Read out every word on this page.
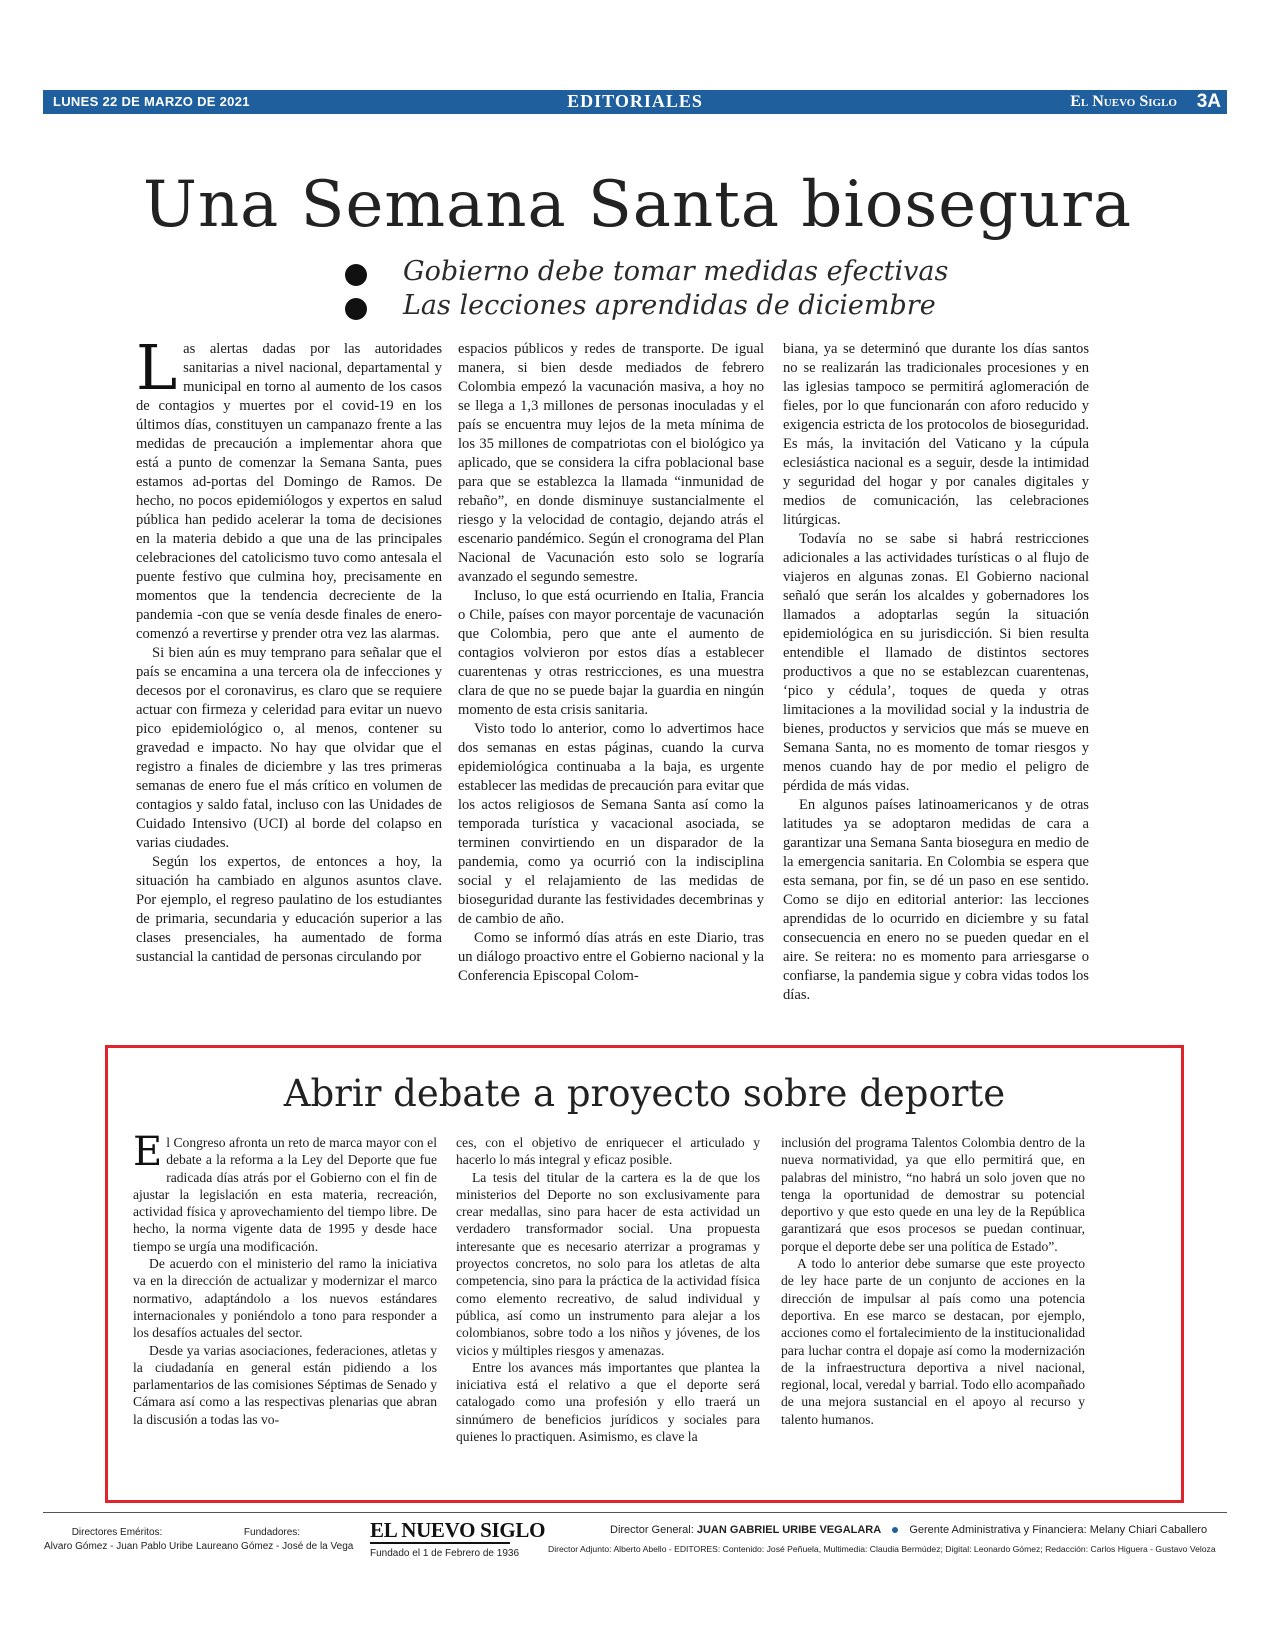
LUNES 22 DE MARZO DE 2021	EDITORIALES	El Nuevo Siglo 3A
Una Semana Santa biosegura
Gobierno debe tomar medidas efectivas
Las lecciones aprendidas de diciembre

Las alertas dadas por las autoridades sanitarias a nivel nacional, departamental y municipal en torno al aumento de los casos de contagios y muertes por el covid-19 en los últimos días, constituyen un campanazo frente a las medidas de precaución a implementar ahora que está a punto de comenzar la Semana Santa, pues estamos ad-portas del Domingo de Ramos. De hecho, no pocos epidemiólogos y expertos en salud pública han pedido acelerar la toma de decisiones en la materia debido a que una de las principales celebraciones del catolicismo tuvo como antesala el puente festivo que culmina hoy, precisamente en momentos que la tendencia decreciente de la pandemia -con que se venía desde finales de enero-comenzó a revertirse y prender otra vez las alarmas.

Si bien aún es muy temprano para señalar que el país se encamina a una tercera ola de infecciones y decesos por el coronavirus, es claro que se requiere actuar con firmeza y celeridad para evitar un nuevo pico epidemiológico o, al menos, contener su gravedad e impacto. No hay que olvidar que el registro a finales de diciembre y las tres primeras semanas de enero fue el más crítico en volumen de contagios y saldo fatal, incluso con las Unidades de Cuidado Intensivo (UCI) al borde del colapso en varias ciudades.

Según los expertos, de entonces a hoy, la situación ha cambiado en algunos asuntos clave. Por ejemplo, el regreso paulatino de los estudiantes de primaria, secundaria y educación superior a las clases presenciales, ha aumentado de forma sustancial la cantidad de personas circulando por

espacios públicos y redes de transporte. De igual manera, si bien desde mediados de febrero Colombia empezó la vacunación masiva, a hoy no se llega a 1,3 millones de personas inoculadas y el país se encuentra muy lejos de la meta mínima de los 35 millones de compatriotas con el biológico ya aplicado, que se considera la cifra poblacional base para que se establezca la llamada “inmunidad de rebaño”, en donde disminuye sustancialmente el riesgo y la velocidad de contagio, dejando atrás el escenario pandémico. Según el cronograma del Plan Nacional de Vacunación esto solo se lograría avanzado el segundo semestre.

Incluso, lo que está ocurriendo en Italia, Francia o Chile, países con mayor porcentaje de vacunación que Colombia, pero que ante el aumento de contagios volvieron por estos días a establecer cuarentenas y otras restricciones, es una muestra clara de que no se puede bajar la guardia en ningún momento de esta crisis sanitaria.

Visto todo lo anterior, como lo advertimos hace dos semanas en estas páginas, cuando la curva epidemiológica continuaba a la baja, es urgente establecer las medidas de precaución para evitar que los actos religiosos de Semana Santa así como la temporada turística y vacacional asociada, se terminen convirtiendo en un disparador de la pandemia, como ya ocurrió con la indisciplina social y el relajamiento de las medidas de bioseguridad durante las festividades decembrinas y de cambio de año.

Como se informó días atrás en este Diario, tras un diálogo proactivo entre el Gobierno nacional y la Conferencia Episcopal Colom-

biana, ya se determinó que durante los días santos no se realizarán las tradicionales procesiones y en las iglesias tampoco se permitirá aglomeración de fieles, por lo que funcionarán con aforo reducido y exigencia estricta de los protocolos de bioseguridad. Es más, la invitación del Vaticano y la cúpula eclesiástica nacional es a seguir, desde la intimidad y seguridad del hogar y por canales digitales y medios de comunicación, las celebraciones litúrgicas.

Todavía no se sabe si habrá restricciones adicionales a las actividades turísticas o al flujo de viajeros en algunas zonas. El Gobierno nacional señaló que serán los alcaldes y gobernadores los llamados a adoptarlas según la situación epidemiológica en su jurisdicción. Si bien resulta entendible el llamado de distintos sectores productivos a que no se establezcan cuarentenas, ‘pico y cédula’, toques de queda y otras limitaciones a la movilidad social y la industria de bienes, productos y servicios que más se mueve en Semana Santa, no es momento de tomar riesgos y menos cuando hay de por medio el peligro de pérdida de más vidas.

En algunos países latinoamericanos y de otras latitudes ya se adoptaron medidas de cara a garantizar una Semana Santa biosegura en medio de la emergencia sanitaria. En Colombia se espera que esta semana, por fin, se dé un paso en ese sentido. Como se dijo en editorial anterior: las lecciones aprendidas de lo ocurrido en diciembre y su fatal consecuencia en enero no se pueden quedar en el aire. Se reitera: no es momento para arriesgarse o confiarse, la pandemia sigue y cobra vidas todos los días.

Abrir debate a proyecto sobre deporte

El Congreso afronta un reto de marca mayor con el debate a la reforma a la Ley del Deporte que fue radicada días atrás por el Gobierno con el fin de ajustar la legislación en esta materia, recreación, actividad física y aprovechamiento del tiempo libre. De hecho, la norma vigente data de 1995 y desde hace tiempo se urgía una modificación.

De acuerdo con el ministerio del ramo la iniciativa va en la dirección de actualizar y modernizar el marco normativo, adaptándolo a los nuevos estándares internacionales y poniéndolo a tono para responder a los desafíos actuales del sector.

Desde ya varias asociaciones, federaciones, atletas y la ciudadanía en general están pidiendo a los parlamentarios de las comisiones Séptimas de Senado y Cámara así como a las respectivas plenarias que abran la discusión a todas las vo-

ces, con el objetivo de enriquecer el articulado y hacerlo lo más integral y eficaz posible.

La tesis del titular de la cartera es la de que los ministerios del Deporte no son exclusivamente para crear medallas, sino para hacer de esta actividad un verdadero transformador social. Una propuesta interesante que es necesario aterrizar a programas y proyectos concretos, no solo para los atletas de alta competencia, sino para la práctica de la actividad física como elemento recreativo, de salud individual y pública, así como un instrumento para alejar a los colombianos, sobre todo a los niños y jóvenes, de los vicios y múltiples riesgos y amenazas.

Entre los avances más importantes que plantea la iniciativa está el relativo a que el deporte será catalogado como una profesión y ello traerá un sinnúmero de beneficios jurídicos y sociales para quienes lo practiquen. Asimismo, es clave la

inclusión del programa Talentos Colombia dentro de la nueva normatividad, ya que ello permitirá que, en palabras del ministro, “no habrá un solo joven que no tenga la oportunidad de demostrar su potencial deportivo y que esto quede en una ley de la República garantizará que esos procesos se puedan continuar, porque el deporte debe ser una política de Estado”.

A todo lo anterior debe sumarse que este proyecto de ley hace parte de un conjunto de acciones en la dirección de impulsar al país como una potencia deportiva. En ese marco se destacan, por ejemplo, acciones como el fortalecimiento de la institucionalidad para luchar contra el dopaje así como la modernización de la infraestructura deportiva a nivel nacional, regional, local, veredal y barrial. Todo ello acompañado de una mejora sustancial en el apoyo al recurso y talento humanos.

Directores Eméritos:
Alvaro Gómez - Juan Pablo Uribe
Fundadores:
Laureano Gómez - José de la Vega
EL NUEVO SIGLO
Fundado el 1 de Febrero de 1936
Director General: JUAN GABRIEL URIBE VEGALARA	Gerente Administrativa y Financiera: Melany Chiari Caballero
Director Adjunto: Alberto Abello - EDITORES: Contenido: José Peñuela, Multimedia: Claudia Bermúdez; Digital: Leonardo Gómez; Redacción: Carlos Higuera - Gustavo Veloza
